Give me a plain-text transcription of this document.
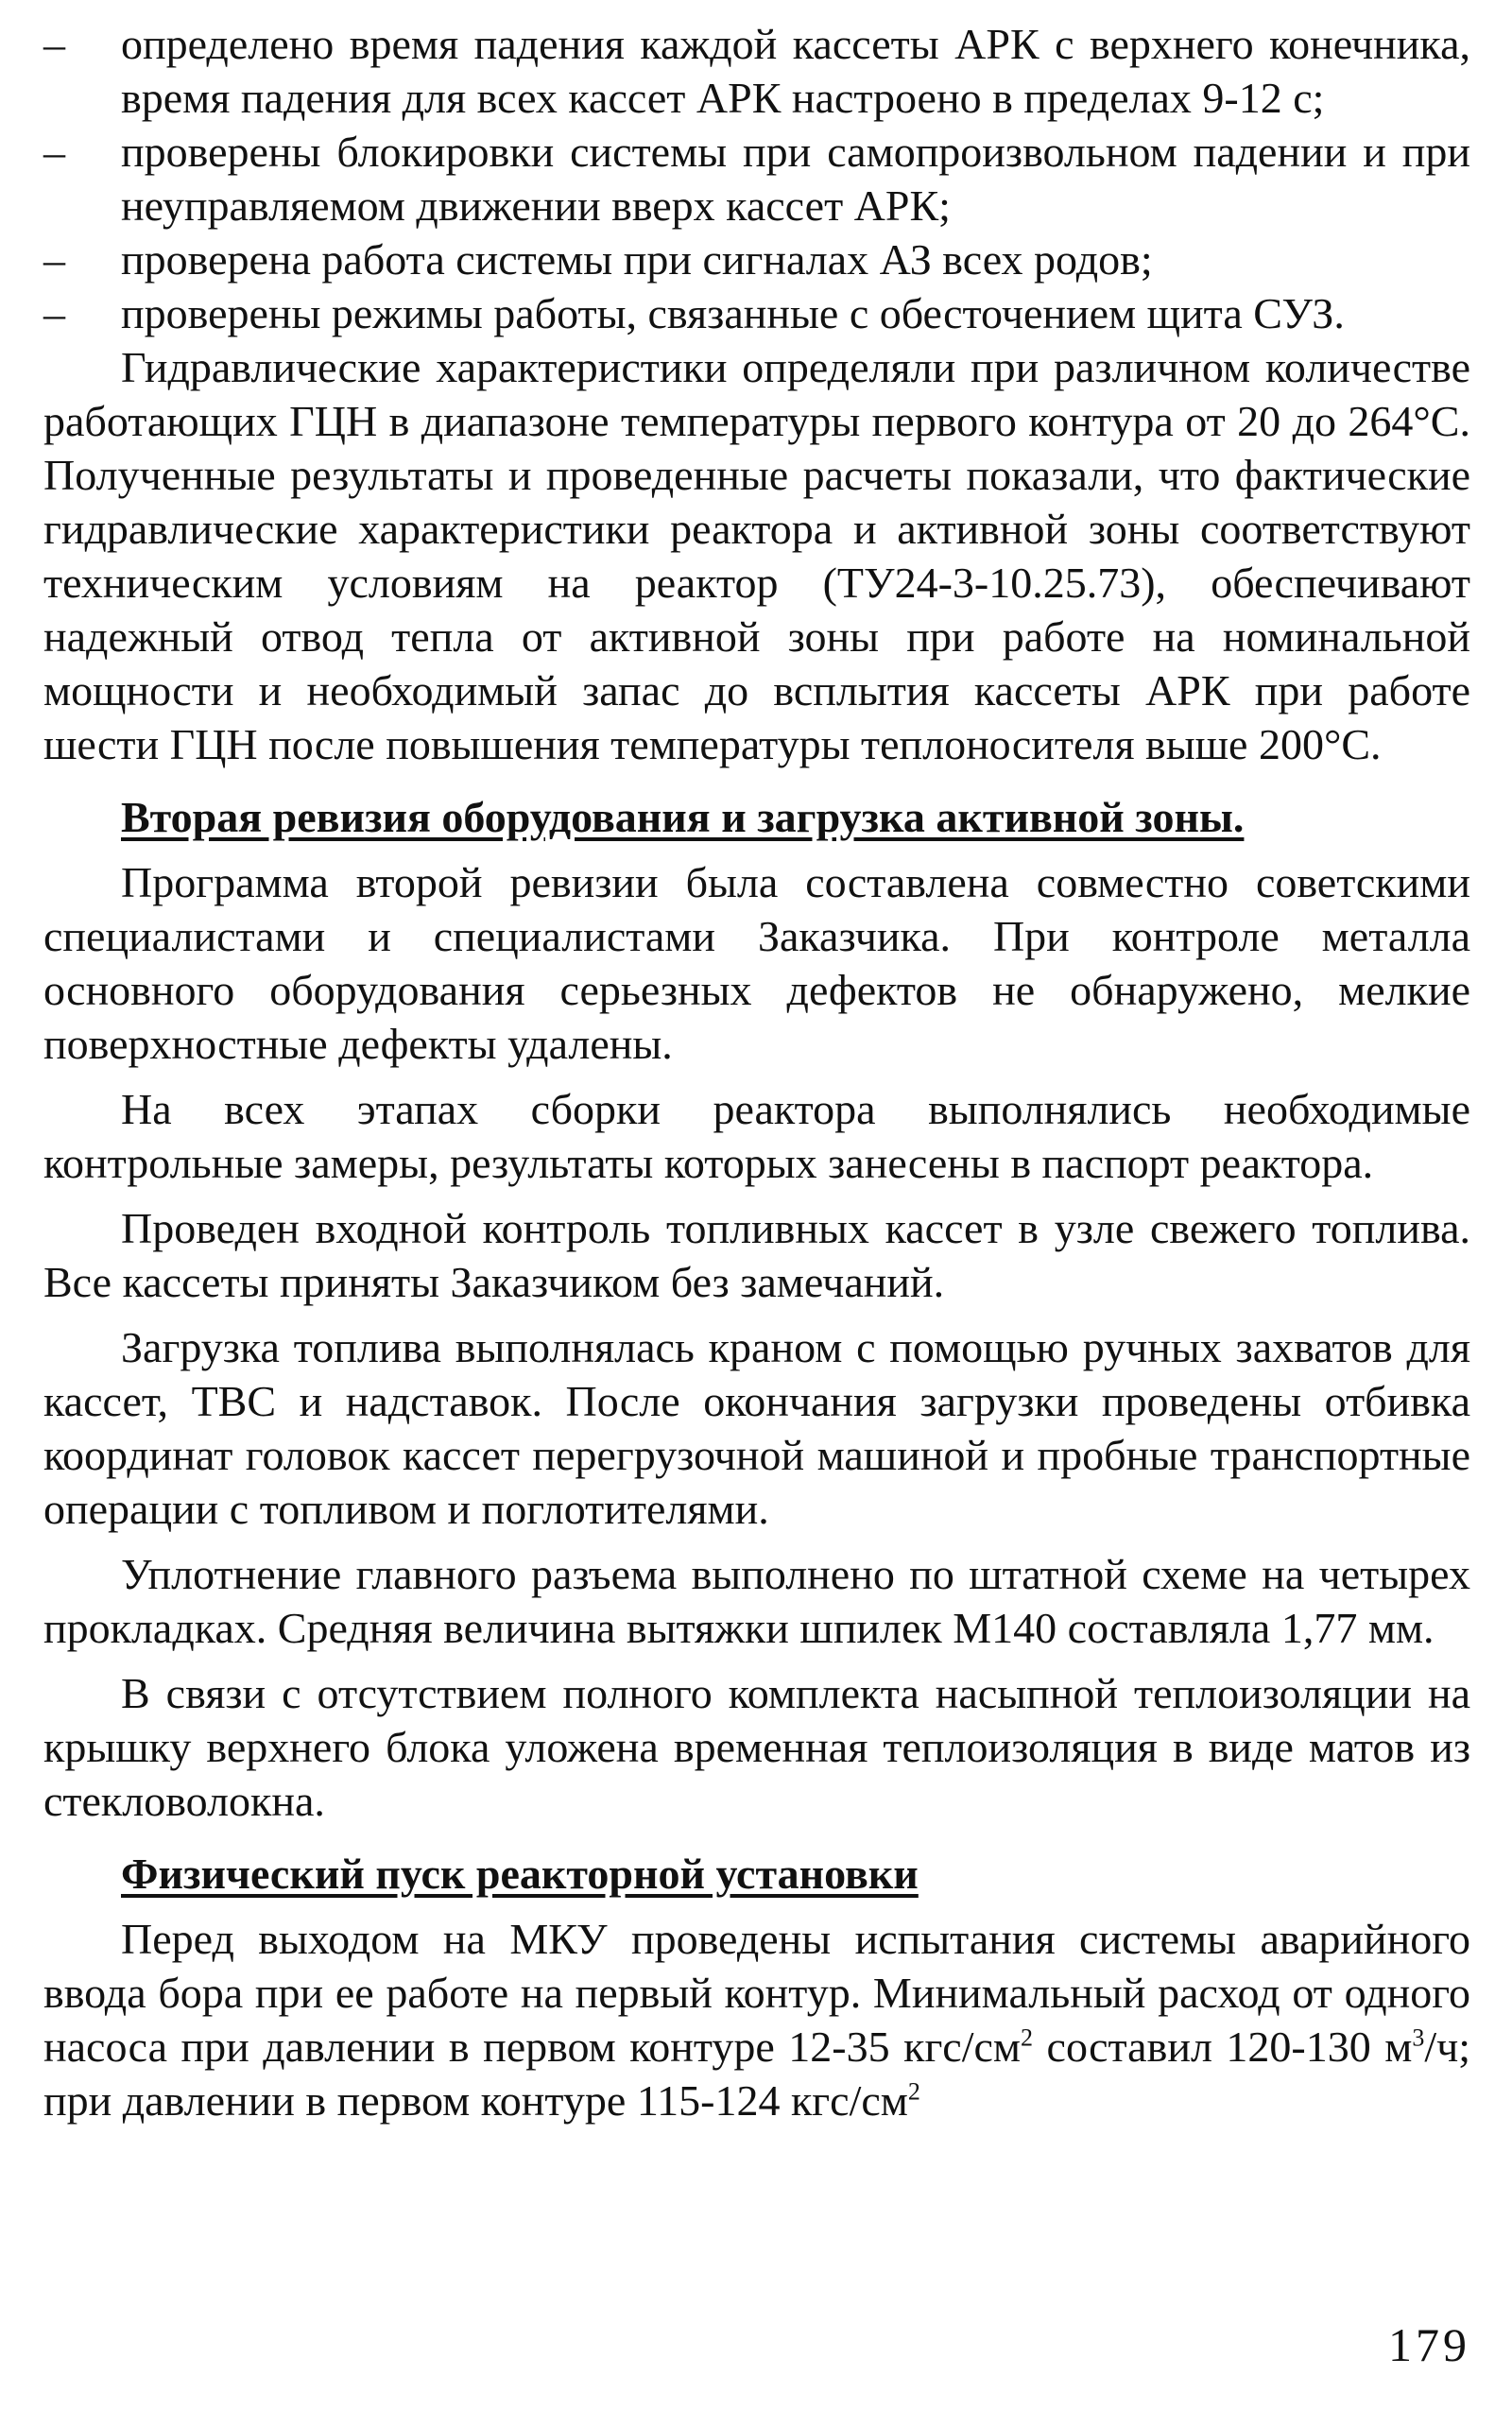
– определено время падения каждой кассеты АРК с верхнего конечника, время падения для всех кассет АРК настроено в пределах 9-12 с;
– проверены блокировки системы при самопроизвольном падении и при неуправляемом движении вверх кассет АРК;
– проверена работа системы при сигналах АЗ всех родов;
– проверены режимы работы, связанные с обесточением щита СУЗ.

Гидравлические характеристики определяли при различном количестве работающих ГЦН в диапазоне температуры первого контура от 20 до 264°С. Полученные результаты и проведенные расчеты показали, что фактические гидравлические характеристики реактора и активной зоны соответствуют техническим условиям на реактор (ТУ24-3-10.25.73), обеспечивают надежный отвод тепла от активной зоны при работе на номинальной мощности и необходимый запас до всплытия кассеты АРК при работе шести ГЦН после повышения температуры теплоносителя выше 200°С.

Вторая ревизия оборудования и загрузка активной зоны.

Программа второй ревизии была составлена совместно советскими специалистами и специалистами Заказчика. При контроле металла основного оборудования серьезных дефектов не обнаружено, мелкие поверхностные дефекты удалены.

На всех этапах сборки реактора выполнялись необходимые контрольные замеры, результаты которых занесены в паспорт реактора.

Проведен входной контроль топливных кассет в узле свежего топлива. Все кассеты приняты Заказчиком без замечаний.

Загрузка топлива выполнялась краном с помощью ручных захватов для кассет, ТВС и надставок. После окончания загрузки проведены отбивка координат головок кассет перегрузочной машиной и пробные транспортные операции с топливом и поглотителями.

Уплотнение главного разъема выполнено по штатной схеме на четырех прокладках. Средняя величина вытяжки шпилек М140 составляла 1,77 мм.

В связи с отсутствием полного комплекта насыпной теплоизоляции на крышку верхнего блока уложена временная теплоизоляция в виде матов из стекловолокна.

Физический пуск реакторной установки

Перед выходом на МКУ проведены испытания системы аварийного ввода бора при ее работе на первый контур. Минимальный расход от одного насоса при давлении в первом контуре 12-35 кгс/$см^2$ составил 120-130 $м^3/ч$; при давлении в первом контуре 115-124 кгс/$см^2$

179
